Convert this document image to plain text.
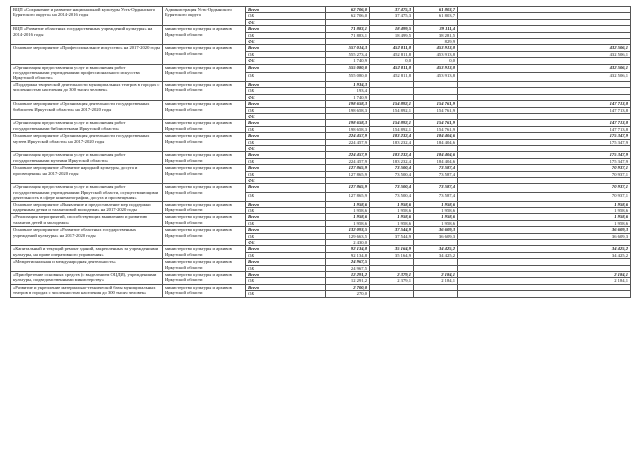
ВЦП «Сохранение и развитие национальной культуры Усть-Ордынского Бурятского округа» на 2014-2016 годы	Администрация Усть-Ордынского Бурятского округа	Всего	62 706,0	37 475,3	61 803,7	
		ОБ	62 706,0	37 475,3	61 803,7	
		ФБ				
ВЦП «Развитие областных государственных учреждений культуры» на 2014-2016 годы	министерство культуры и архивов Иркутской области	Всего	71 883,1	18 499,5	39 111,4	
		ОБ	71 883,1	18 499,5	38 281,5	
		ФБ			829,9	
Основное мероприятие «Профессиональное искусство» на 2017-2020 годы	министерство культуры и архивов Иркутской области	Всего	557 014,3	452 811,8	453 913,8	432 506,1
		ОБ	555 273,4	452 811,8	453 913,8	432 506,1
		ФБ	1 740,9	0,0	0,0	
«Организация предоставления услуг и выполнения работ государственными учреждениями профессионального искусства Иркутской области»	министерство культуры и архивов Иркутской области	Всего	555 080,0	452 811,8	453 913,8	432 506,1
		ОБ	555 080,0	452 811,8	453 913,8	432 506,1
«Поддержка творческой деятельности муниципальных театров в городах с численностью населения до 300 тысяч человек»	министерство культуры и архивов Иркутской области	Всего	1 934,3			
		ОБ	193,4			
		ФБ	1 740,9			
Основное мероприятие «Организация деятельности государственных библиотек Иркутской области» на 2017-2020 годы	министерство культуры и архивов Иркутской области	Всего	198 658,3	154 892,1	154 761,9	147 713,8
		ОБ	198 658,3	154 892,1	154 761,9	147 713,8
		ФБ				
«Организация предоставления услуг и выполнения работ государственными библиотеками Иркутской области»	министерство культуры и архивов Иркутской области	Всего	198 658,3	154 892,1	154 761,9	147 713,8
		ОБ	198 658,3	154 892,1	154 761,9	147 713,8
Основное мероприятие «Организация деятельности государственных музеев Иркутской области» на 2017-2020 годы	министерство культуры и архивов Иркутской области	Всего	224 457,9	183 232,4	184 404,6	175 347,9
		ОБ	224 457,9	183 232,4	184 404,6	175 347,9
		ФБ				
«Организация предоставления услуг и выполнения работ государственными музеями Иркутской области»	министерство культуры и архивов Иркутской области	Всего	224 457,9	183 232,4	184 404,6	175 347,9
		ОБ	224 457,9	183 232,4	184 404,6	175 347,9
Основное мероприятие «Развитие народной культуры, досуга и просвещения» на 2017-2020 годы	министерство культуры и архивов Иркутской области	Всего	127 865,9	73 500,4	73 587,4	70 937,1
		ОБ	127 865,9	73 500,4	73 587,4	70 937,1
		ФБ				
«Организация предоставления услуг и выполнения работ государственными учреждениями Иркутской области, осуществляющими деятельность в сфере кинематографии, досуга и просвещения»	министерство культуры и архивов Иркутской области	Всего	127 865,9	73 500,4	73 587,4	70 937,1
		ОБ	127 865,9	73 500,4	73 587,4	70 937,1
Основное мероприятие «Выявление и предоставление мер поддержки одаренным детям и талантливой молодежи» на 2017-2020 годы	министерство культуры и архивов Иркутской области	Всего	1 958,6	1 958,6	1 958,6	1 958,6
		ОБ	1 958,6	1 958,6	1 958,6	1 958,6
«Реализация мероприятий, способствующих выявлению и развитию талантов детей и молодежи»	министерство культуры и архивов Иркутской области	Всего	1 958,6	1 958,6	1 958,6	1 958,6
		ОБ	1 958,6	1 958,6	1 958,6	1 958,6
Основное мероприятие «Развитие областных государственных учреждений культуры» на 2017-2020 годы	министерство культуры и архивов Иркутской области	Всего	132 093,5	37 544,9	36 609,3	36 609,3
		ОБ	129 663,5	37 544,9	36 609,3	36 609,3
		ФБ	2 430,0			
«Капитальный и текущий ремонт зданий, закрепленных за учреждениями культуры, на праве оперативного управления»	министерство культуры и архивов Иркутской области	Всего	92 134,8	35 164,9	34 425,2	34 425,2
		ОБ	92 134,8	35 164,9	34 425,2	34 425,2
«Межрегиональная и международная деятельность»	министерство культуры и архивов Иркутской области	Всего	24 967,5			
		ОБ	24 967,5			
«Приобретение основных средств (с выделением ОЦДИ), учреждениями культуры, подведомственными министерству»	министерство культуры и архивов Иркутской области	Всего	12 291,2	2 379,1	2 184,1	2 184,1
		ОБ	12 291,2	2 379,1	2 184,1	2 184,1
«Развитие и укрепление материально-технической базы муниципальных театров в городах с численностью населения до 300 тысяч человек»	министерство культуры и архивов Иркутской области	Всего	2 700,0			
		ОБ	270,0			
